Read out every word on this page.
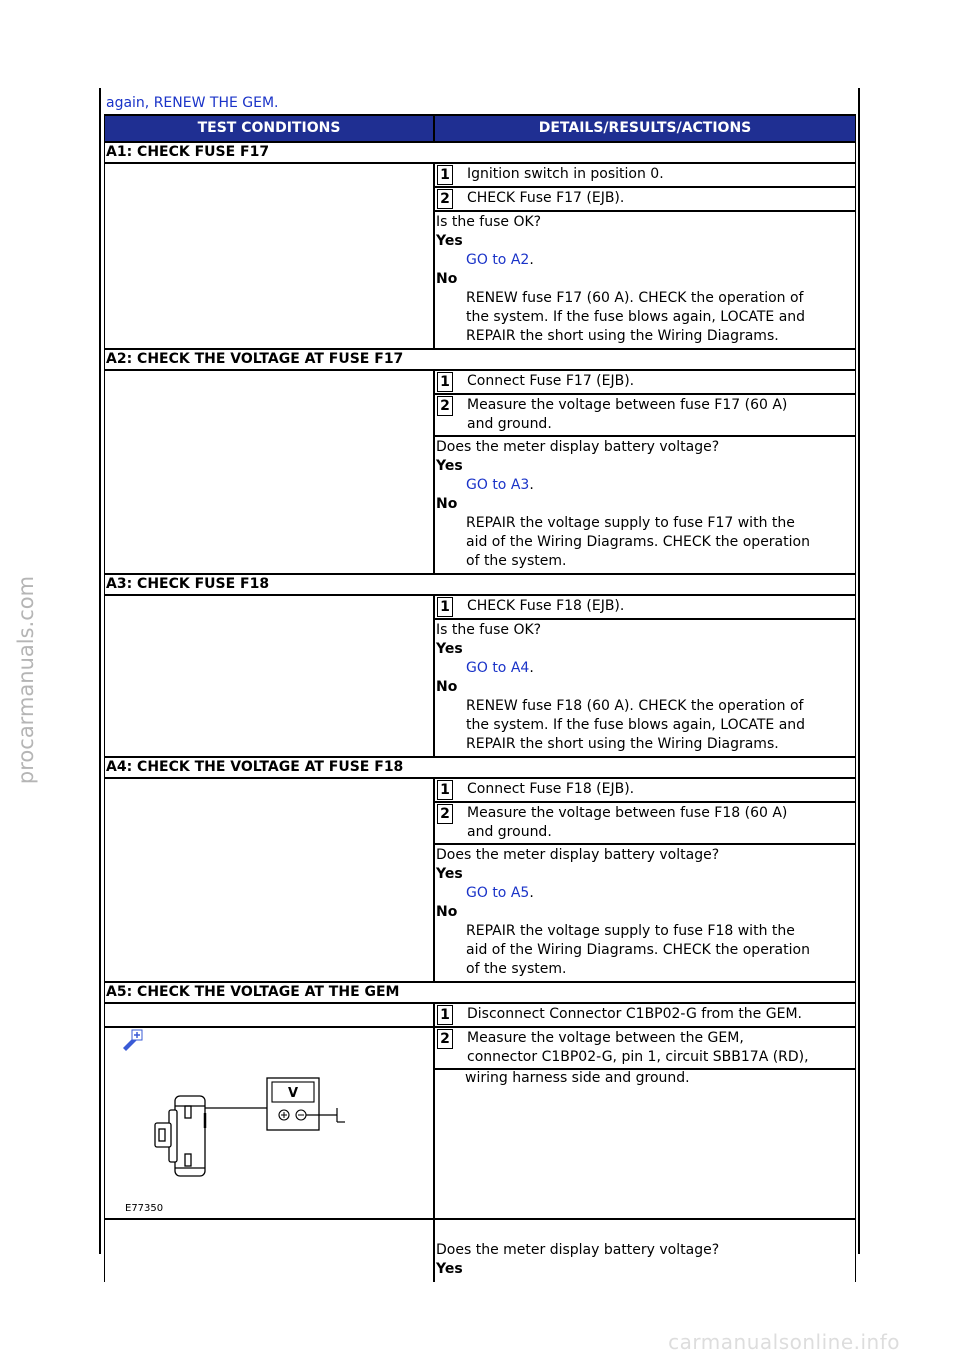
procarmanuals.com
carmanualsonline.info
again, RENEW THE GEM.
TEST CONDITIONS	DETAILS/RESULTS/ACTIONS
A1: CHECK FUSE F17
1 Ignition switch in position 0.
2 CHECK Fuse F17 (EJB).
Is the fuse OK?
Yes
GO to A2.
No
RENEW fuse F17 (60 A). CHECK the operation of
the system. If the fuse blows again, LOCATE and
REPAIR the short using the Wiring Diagrams.
A2: CHECK THE VOLTAGE AT FUSE F17
1 Connect Fuse F17 (EJB).
2 Measure the voltage between fuse F17 (60 A)
and ground.
Does the meter display battery voltage?
Yes
GO to A3.
No
REPAIR the voltage supply to fuse F17 with the
aid of the Wiring Diagrams. CHECK the operation
of the system.
A3: CHECK FUSE F18
1 CHECK Fuse F18 (EJB).
Is the fuse OK?
Yes
GO to A4.
No
RENEW fuse F18 (60 A). CHECK the operation of
the system. If the fuse blows again, LOCATE and
REPAIR the short using the Wiring Diagrams.
A4: CHECK THE VOLTAGE AT FUSE F18
1 Connect Fuse F18 (EJB).
2 Measure the voltage between fuse F18 (60 A)
and ground.
Does the meter display battery voltage?
Yes
GO to A5.
No
REPAIR the voltage supply to fuse F18 with the
aid of the Wiring Diagrams. CHECK the operation
of the system.
A5: CHECK THE VOLTAGE AT THE GEM
1 Disconnect Connector C1BP02-G from the GEM.
V
E77350
2 Measure the voltage between the GEM,
connector C1BP02-G, pin 1, circuit SBB17A (RD),
wiring harness side and ground.
Does the meter display battery voltage?
Yes
